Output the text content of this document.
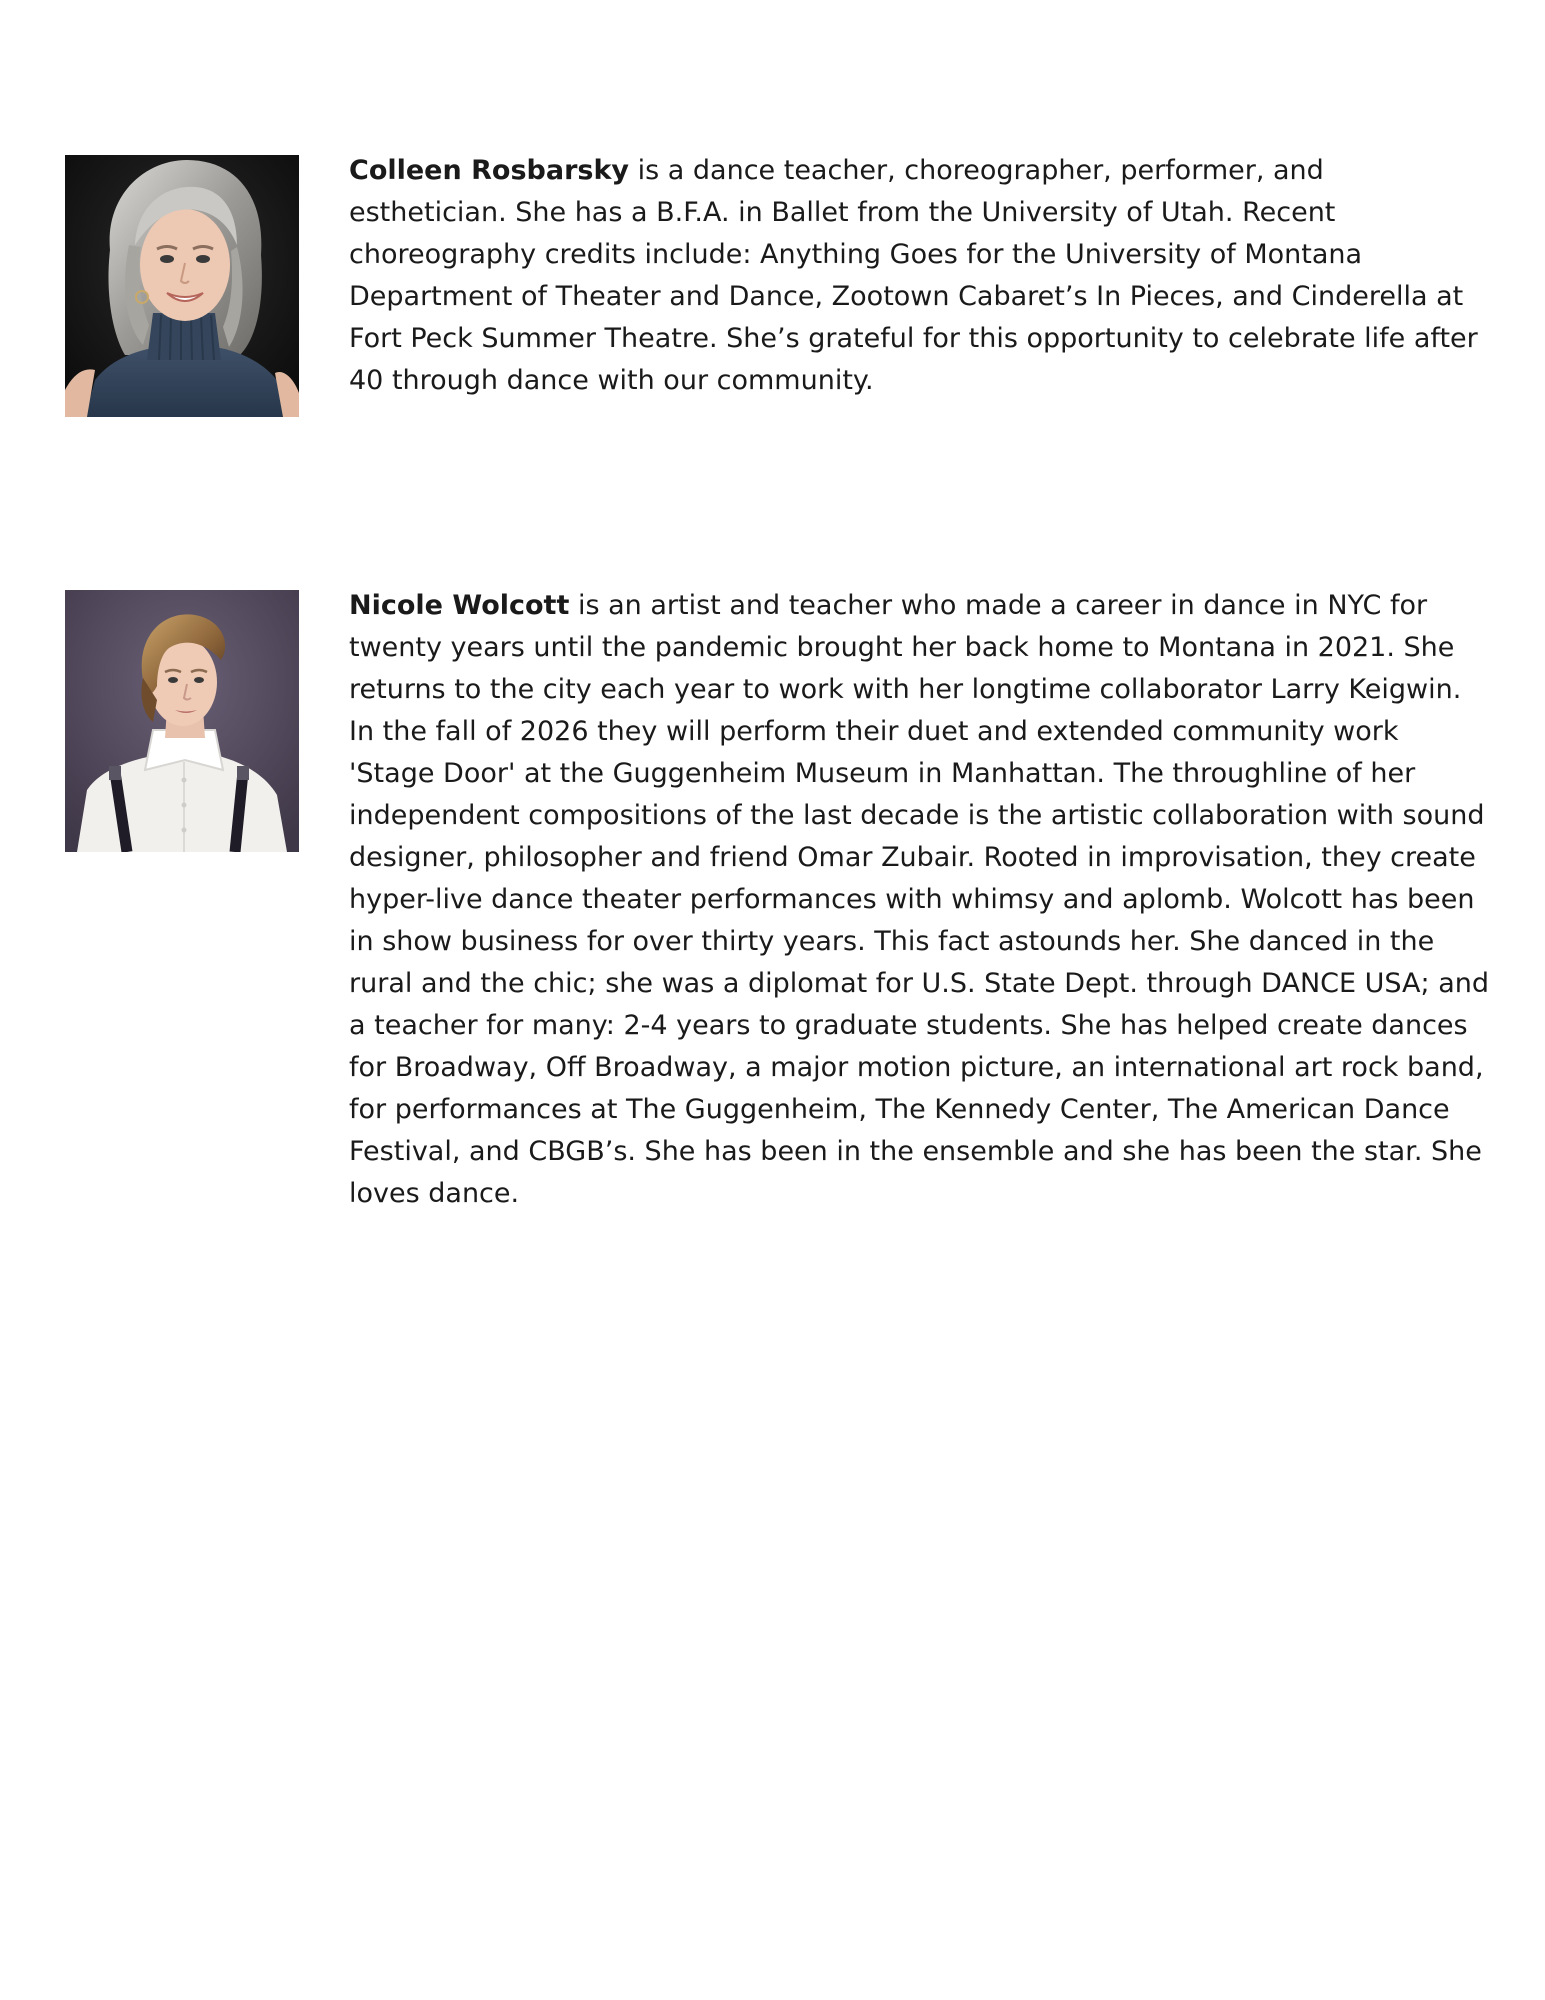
Colleen Rosbarsky is a dance teacher, choreographer, performer, and esthetician. She has a B.F.A. in Ballet from the University of Utah. Recent choreography credits include: Anything Goes for the University of Montana Department of Theater and Dance, Zootown Cabaret’s In Pieces, and Cinderella at Fort Peck Summer Theatre. She’s grateful for this opportunity to celebrate life after 40 through dance with our community.

Nicole Wolcott is an artist and teacher who made a career in dance in NYC for twenty years until the pandemic brought her back home to Montana in 2021. She returns to the city each year to work with her longtime collaborator Larry Keigwin. In the fall of 2026 they will perform their duet and extended community work 'Stage Door' at the Guggenheim Museum in Manhattan. The throughline of her independent compositions of the last decade is the artistic collaboration with sound designer, philosopher and friend Omar Zubair. Rooted in improvisation, they create hyper-live dance theater performances with whimsy and aplomb. Wolcott has been in show business for over thirty years. This fact astounds her. She danced in the rural and the chic; she was a diplomat for U.S. State Dept. through DANCE USA; and a teacher for many: 2-4 years to graduate students. She has helped create dances for Broadway, Off Broadway, a major motion picture, an international art rock band, for performances at The Guggenheim, The Kennedy Center, The American Dance Festival, and CBGB’s. She has been in the ensemble and she has been the star. She loves dance.
